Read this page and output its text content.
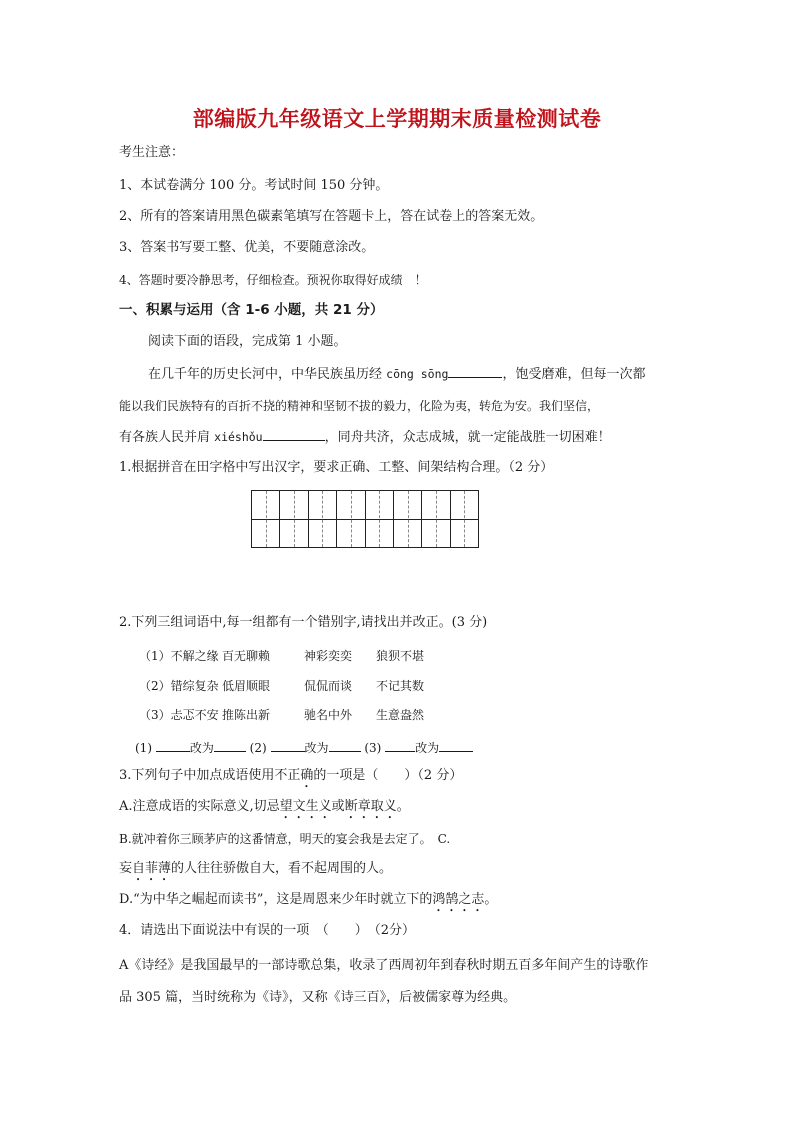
部编版九年级语文上学期期末质量检测试卷
考生注意：
1、本试卷满分 100 分。考试时间 150 分钟。
2、所有的答案请用黑色碳素笔填写在答题卡上，答在试卷上的答案无效。
3、答案书写要工整、优美，不要随意涂改。
4、答题时要冷静思考，仔细检查。预祝你取得好成绩　！
一、积累与运用（含 1-6 小题，共 21 分）
阅读下面的语段，完成第 1 小题。
在几千年的历史长河中，中华民族虽历经 cōng sōng	，饱受磨难，但每一次都
能以我们民族特有的百折不挠的精神和坚韧不拔的毅力，化险为夷，转危为安。我们坚信，
有各族人民并肩 xiéshǒu	，同舟共济，众志成城，就一定能战胜一切困难！
1.根据拼音在田字格中写出汉字，要求正确、工整、间架结构合理。（2 分）
2.下列三组词语中,每一组都有一个错别字,请找出并改正。(3 分)
（1）不解之缘 百无聊赖	神彩奕奕 狼狈不堪
（2）错综复杂 低眉顺眼	侃侃而谈 不记其数
（3）忐忑不安 推陈出新	驰名中外 生意盎然
(1)	改为	(2)	改为	(3)	改为
3.下列句子中加点成语使用不正确的一项是（　　）（2 分）
A.注意成语的实际意义,切忌望文生义或断章取义。
B.就冲着你三顾茅庐的这番情意，明天的宴会我是去定了。　C.
妄自菲薄的人往往骄傲自大，看不起周围的人。
D.“为中华之崛起而读书”，这是周恩来少年时就立下的鸿鹄之志。
4．请选出下面说法中有误的一项　（　　）　（2分）
A《诗经》是我国最早的一部诗歌总集，收录了西周初年到春秋时期五百多年间产生的诗歌作
品 305 篇，当时统称为《诗》，又称《诗三百》，后被儒家尊为经典。
